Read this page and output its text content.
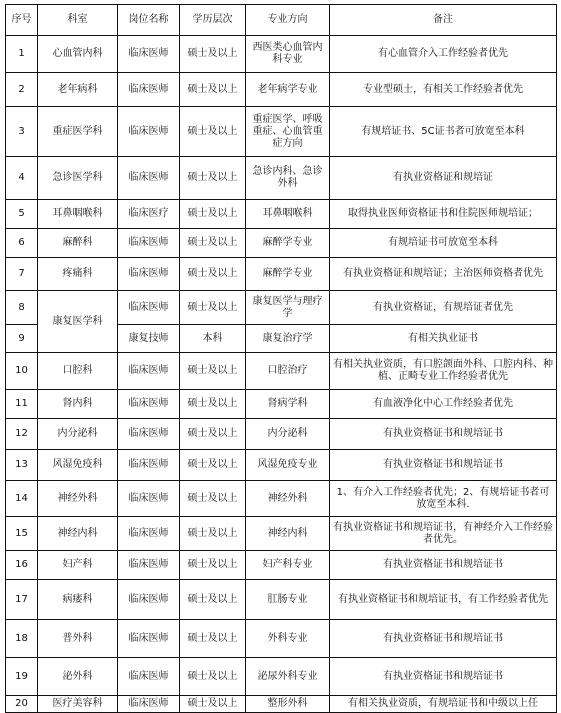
序号	科室	岗位名称	学历层次	专业方向	备注
1	心血管内科	临床医师	硕士及以上	西医类心血管内科专业	有心血管介入工作经验者优先
2	老年病科	临床医师	硕士及以上	老年病学专业	专业型硕士，有相关工作经验者优先
3	重症医学科	临床医师	硕士及以上	重症医学、呼吸重症、心血管重症方向	有规培证书、5C证书者可放宽至本科
4	急诊医学科	临床医师	硕士及以上	急诊内科、急诊外科	有执业资格证和规培证
5	耳鼻咽喉科	临床医疗	硕士及以上	耳鼻咽喉科	取得执业医师资格证书和住院医师规培证；
6	麻醉科	临床医师	硕士及以上	麻醉学专业	有规培证书可放宽至本科
7	疼痛科	临床医师	硕士及以上	麻醉学专业	有执业资格证和规培证；主治医师资格者优先
8	康复医学科	临床医师	硕士及以上	康复医学与理疗学	有执业资格证，有规培证者优先
9		康复技师	本科	康复治疗学	有相关执业证书
10	口腔科	临床医师	硕士及以上	口腔治疗	有相关执业资质，有口腔颌面外科、口腔内科、种植、正畸专业工作经验者优先
11	肾内科	临床医师	硕士及以上	肾病学科	有血液净化中心工作经验者优先
12	内分泌科	临床医师	硕士及以上	内分泌科	有执业资格证书和规培证书
13	风湿免疫科	临床医师	硕士及以上	风湿免疫专业	有执业资格证书和规培证书
14	神经外科	临床医师	硕士及以上	神经外科	1、有介入工作经验者优先；2、有规培证书者可放宽至本科.
15	神经内科	临床医师	硕士及以上	神经内科	有执业资格证书和规培证书，有神经介入工作经验者优先。
16	妇产科	临床医师	硕士及以上	妇产科专业	有执业资格证书和规培证书
17	病瘘科	临床医师	硕士及以上	肛肠专业	有执业资格证书和规培证书，有工作经验者优先
18	普外科	临床医师	硕士及以上	外科专业	有执业资格证书和规培证书
19	泌外科	临床医师	硕士及以上	泌尿外科专业	有执业资格证书和规培证书
20	医疗美容科	临床医师	硕士及以上	整形外科	有相关执业资质，有规培证书和中级以上任
